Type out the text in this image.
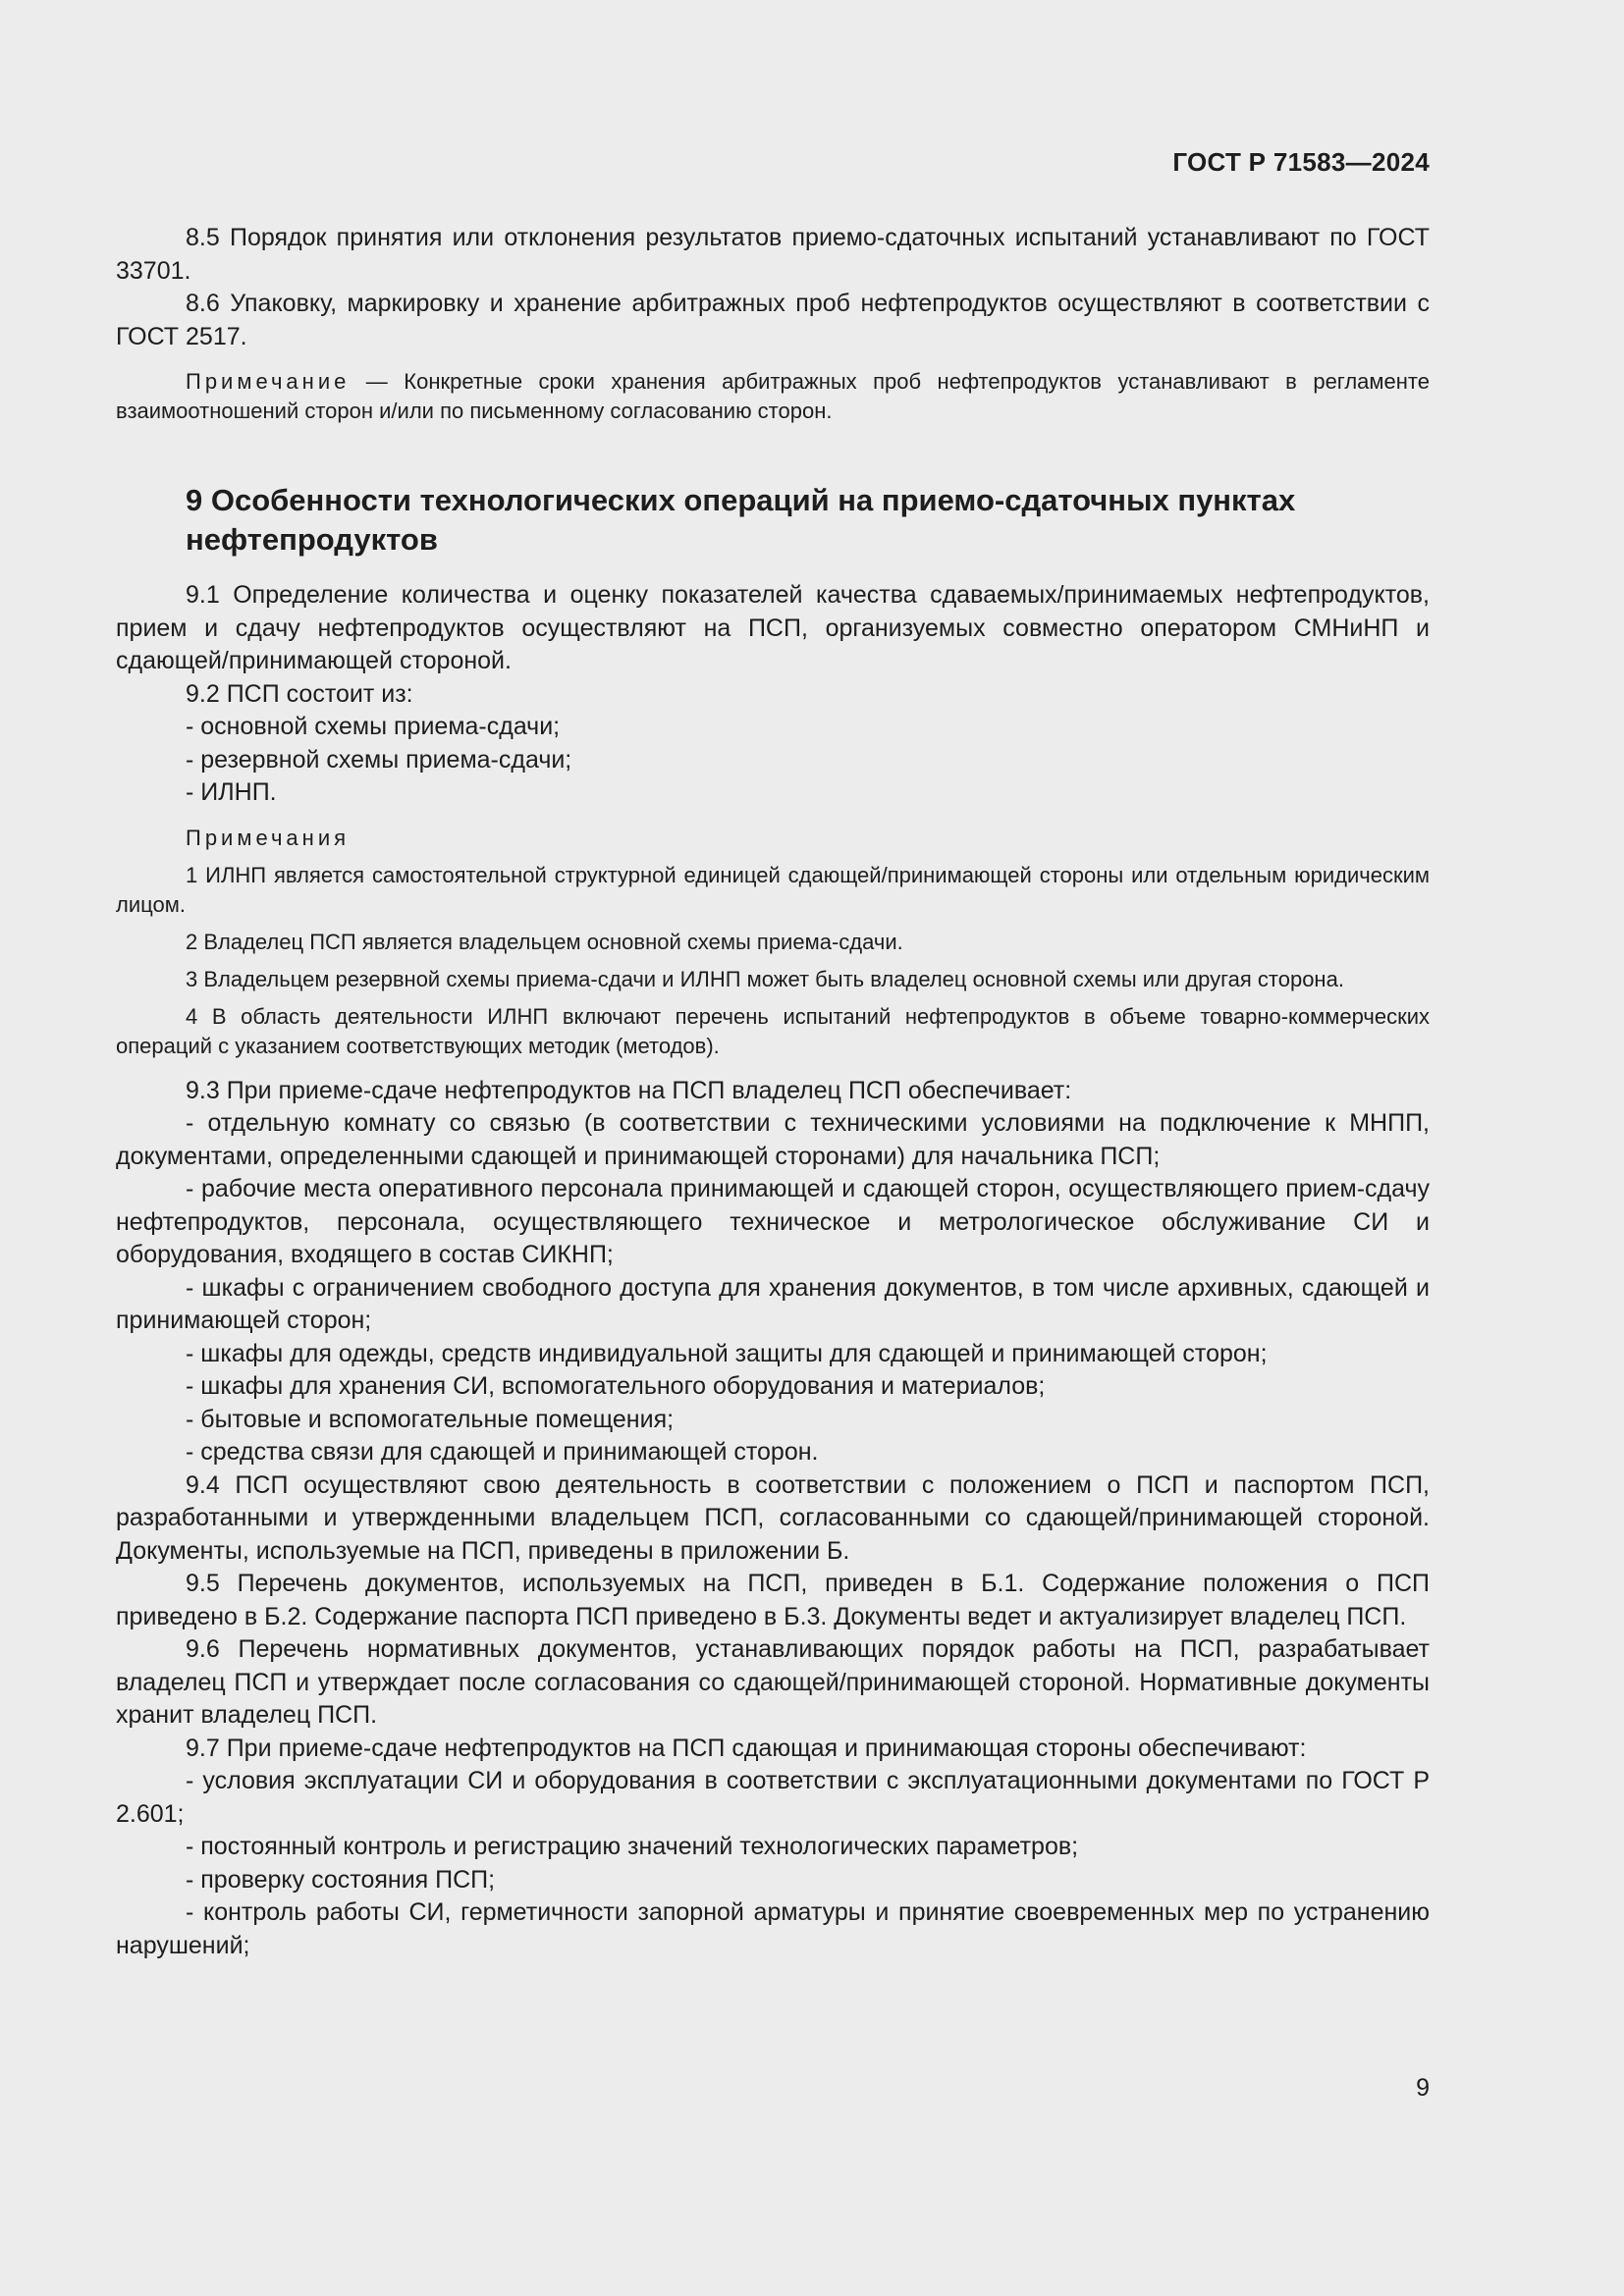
ГОСТ Р 71583—2024

8.5 Порядок принятия или отклонения результатов приемо-сдаточных испытаний устанавливают по ГОСТ 33701.

8.6 Упаковку, маркировку и хранение арбитражных проб нефтепродуктов осуществляют в соответствии с ГОСТ 2517.

Примечание — Конкретные сроки хранения арбитражных проб нефтепродуктов устанавливают в регламенте взаимоотношений сторон и/или по письменному согласованию сторон.

9 Особенности технологических операций на приемо-сдаточных пунктах нефтепродуктов

9.1 Определение количества и оценку показателей качества сдаваемых/принимаемых нефтепродуктов, прием и сдачу нефтепродуктов осуществляют на ПСП, организуемых совместно оператором СМНиНП и сдающей/принимающей стороной.

9.2 ПСП состоит из:

- основной схемы приема-сдачи;

- резервной схемы приема-сдачи;

- ИЛНП.

Примечания

1 ИЛНП является самостоятельной структурной единицей сдающей/принимающей стороны или отдельным юридическим лицом.

2 Владелец ПСП является владельцем основной схемы приема-сдачи.

3 Владельцем резервной схемы приема-сдачи и ИЛНП может быть владелец основной схемы или другая сторона.

4 В область деятельности ИЛНП включают перечень испытаний нефтепродуктов в объеме товарно-коммерческих операций с указанием соответствующих методик (методов).

9.3 При приеме-сдаче нефтепродуктов на ПСП владелец ПСП обеспечивает:

- отдельную комнату со связью (в соответствии с техническими условиями на подключение к МНПП, документами, определенными сдающей и принимающей сторонами) для начальника ПСП;

- рабочие места оперативного персонала принимающей и сдающей сторон, осуществляющего прием-сдачу нефтепродуктов, персонала, осуществляющего техническое и метрологическое обслуживание СИ и оборудования, входящего в состав СИКНП;

- шкафы с ограничением свободного доступа для хранения документов, в том числе архивных, сдающей и принимающей сторон;

- шкафы для одежды, средств индивидуальной защиты для сдающей и принимающей сторон;

- шкафы для хранения СИ, вспомогательного оборудования и материалов;

- бытовые и вспомогательные помещения;

- средства связи для сдающей и принимающей сторон.

9.4 ПСП осуществляют свою деятельность в соответствии с положением о ПСП и паспортом ПСП, разработанными и утвержденными владельцем ПСП, согласованными со сдающей/принимающей стороной. Документы, используемые на ПСП, приведены в приложении Б.

9.5 Перечень документов, используемых на ПСП, приведен в Б.1. Содержание положения о ПСП приведено в Б.2. Содержание паспорта ПСП приведено в Б.3. Документы ведет и актуализирует владелец ПСП.

9.6 Перечень нормативных документов, устанавливающих порядок работы на ПСП, разрабатывает владелец ПСП и утверждает после согласования со сдающей/принимающей стороной. Нормативные документы хранит владелец ПСП.

9.7 При приеме-сдаче нефтепродуктов на ПСП сдающая и принимающая стороны обеспечивают:

- условия эксплуатации СИ и оборудования в соответствии с эксплуатационными документами по ГОСТ Р 2.601;

- постоянный контроль и регистрацию значений технологических параметров;

- проверку состояния ПСП;

- контроль работы СИ, герметичности запорной арматуры и принятие своевременных мер по устранению нарушений;

9
